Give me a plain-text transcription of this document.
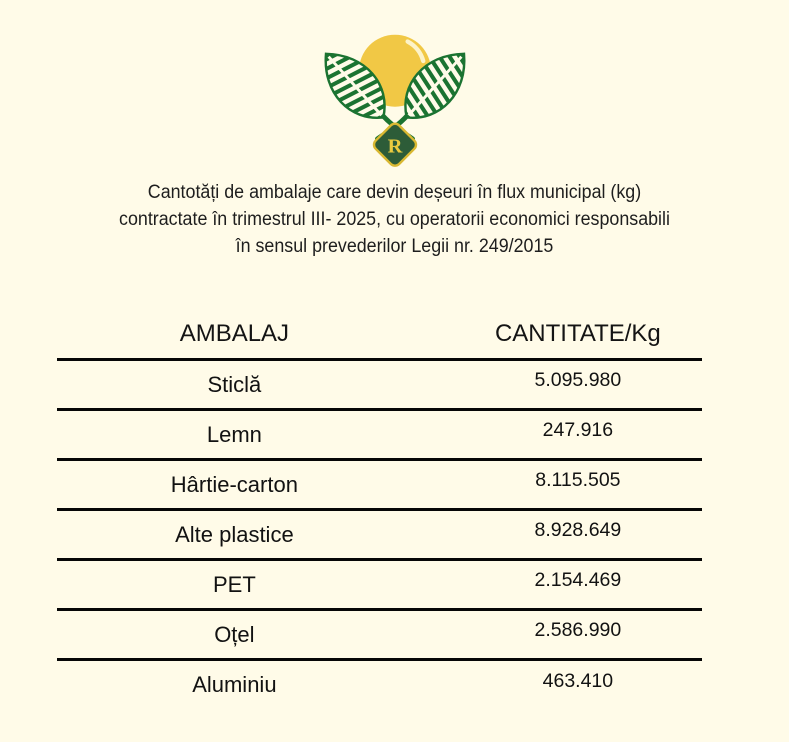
R
Cantotăți de ambalaje care devin deșeuri în flux municipal (kg)
contractate în trimestrul III- 2025, cu operatorii economici responsabili
în sensul prevederilor Legii nr. 249/2015
AMBALAJ	CANTITATE/Kg
Sticlă	5.095.980
Lemn	247.916
Hârtie-carton	8.115.505
Alte plastice	8.928.649
PET	2.154.469
Oțel	2.586.990
Aluminiu	463.410
